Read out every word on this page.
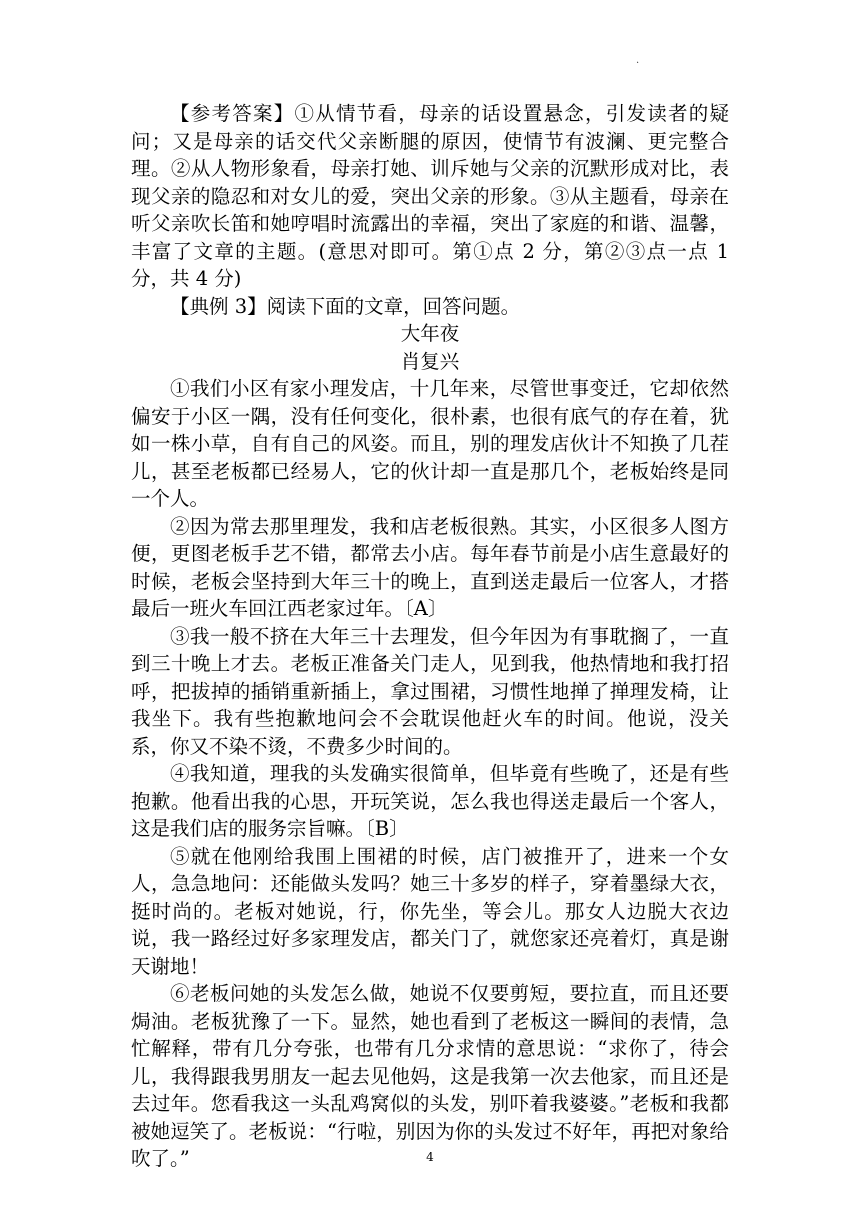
.

【参考答案】①从情节看，母亲的话设置悬念，引发读者的疑问；又是母亲的话交代父亲断腿的原因，使情节有波澜、更完整合理。②从人物形象看，母亲打她、训斥她与父亲的沉默形成对比，表现父亲的隐忍和对女儿的爱，突出父亲的形象。③从主题看，母亲在听父亲吹长笛和她哼唱时流露出的幸福，突出了家庭的和谐、温馨，丰富了文章的主题。(意思对即可。第①点 2 分，第②③点一点 1 分，共 4 分)

【典例 3】阅读下面的文章，回答问题。

大年夜

肖复兴

①我们小区有家小理发店，十几年来，尽管世事变迁，它却依然偏安于小区一隅，没有任何变化，很朴素，也很有底气的存在着，犹如一株小草，自有自己的风姿。而且，别的理发店伙计不知换了几茬儿，甚至老板都已经易人，它的伙计却一直是那几个，老板始终是同一个人。

②因为常去那里理发，我和店老板很熟。其实，小区很多人图方便，更图老板手艺不错，都常去小店。每年春节前是小店生意最好的时候，老板会坚持到大年三十的晚上，直到送走最后一位客人，才搭最后一班火车回江西老家过年。〔A〕

③我一般不挤在大年三十去理发，但今年因为有事耽搁了，一直到三十晚上才去。老板正准备关门走人，见到我，他热情地和我打招呼，把拔掉的插销重新插上，拿过围裙，习惯性地掸了掸理发椅，让我坐下。我有些抱歉地问会不会耽误他赶火车的时间。他说，没关系，你又不染不烫，不费多少时间的。

④我知道，理我的头发确实很简单，但毕竟有些晚了，还是有些抱歉。他看出我的心思，开玩笑说，怎么我也得送走最后一个客人，这是我们店的服务宗旨嘛。〔B〕

⑤就在他刚给我围上围裙的时候，店门被推开了，进来一个女人，急急地问：还能做头发吗？她三十多岁的样子，穿着墨绿大衣，挺时尚的。老板对她说，行，你先坐，等会儿。那女人边脱大衣边说，我一路经过好多家理发店，都关门了，就您家还亮着灯，真是谢天谢地！

⑥老板问她的头发怎么做，她说不仅要剪短，要拉直，而且还要焗油。老板犹豫了一下。显然，她也看到了老板这一瞬间的表情，急忙解释，带有几分夸张，也带有几分求情的意思说：“求你了，待会儿，我得跟我男朋友一起去见他妈，这是我第一次去他家，而且还是去过年。您看我这一头乱鸡窝似的头发，别吓着我婆婆。”老板和我都被她逗笑了。老板说：“行啦，别因为你的头发过不好年，再把对象给吹了。”	4
